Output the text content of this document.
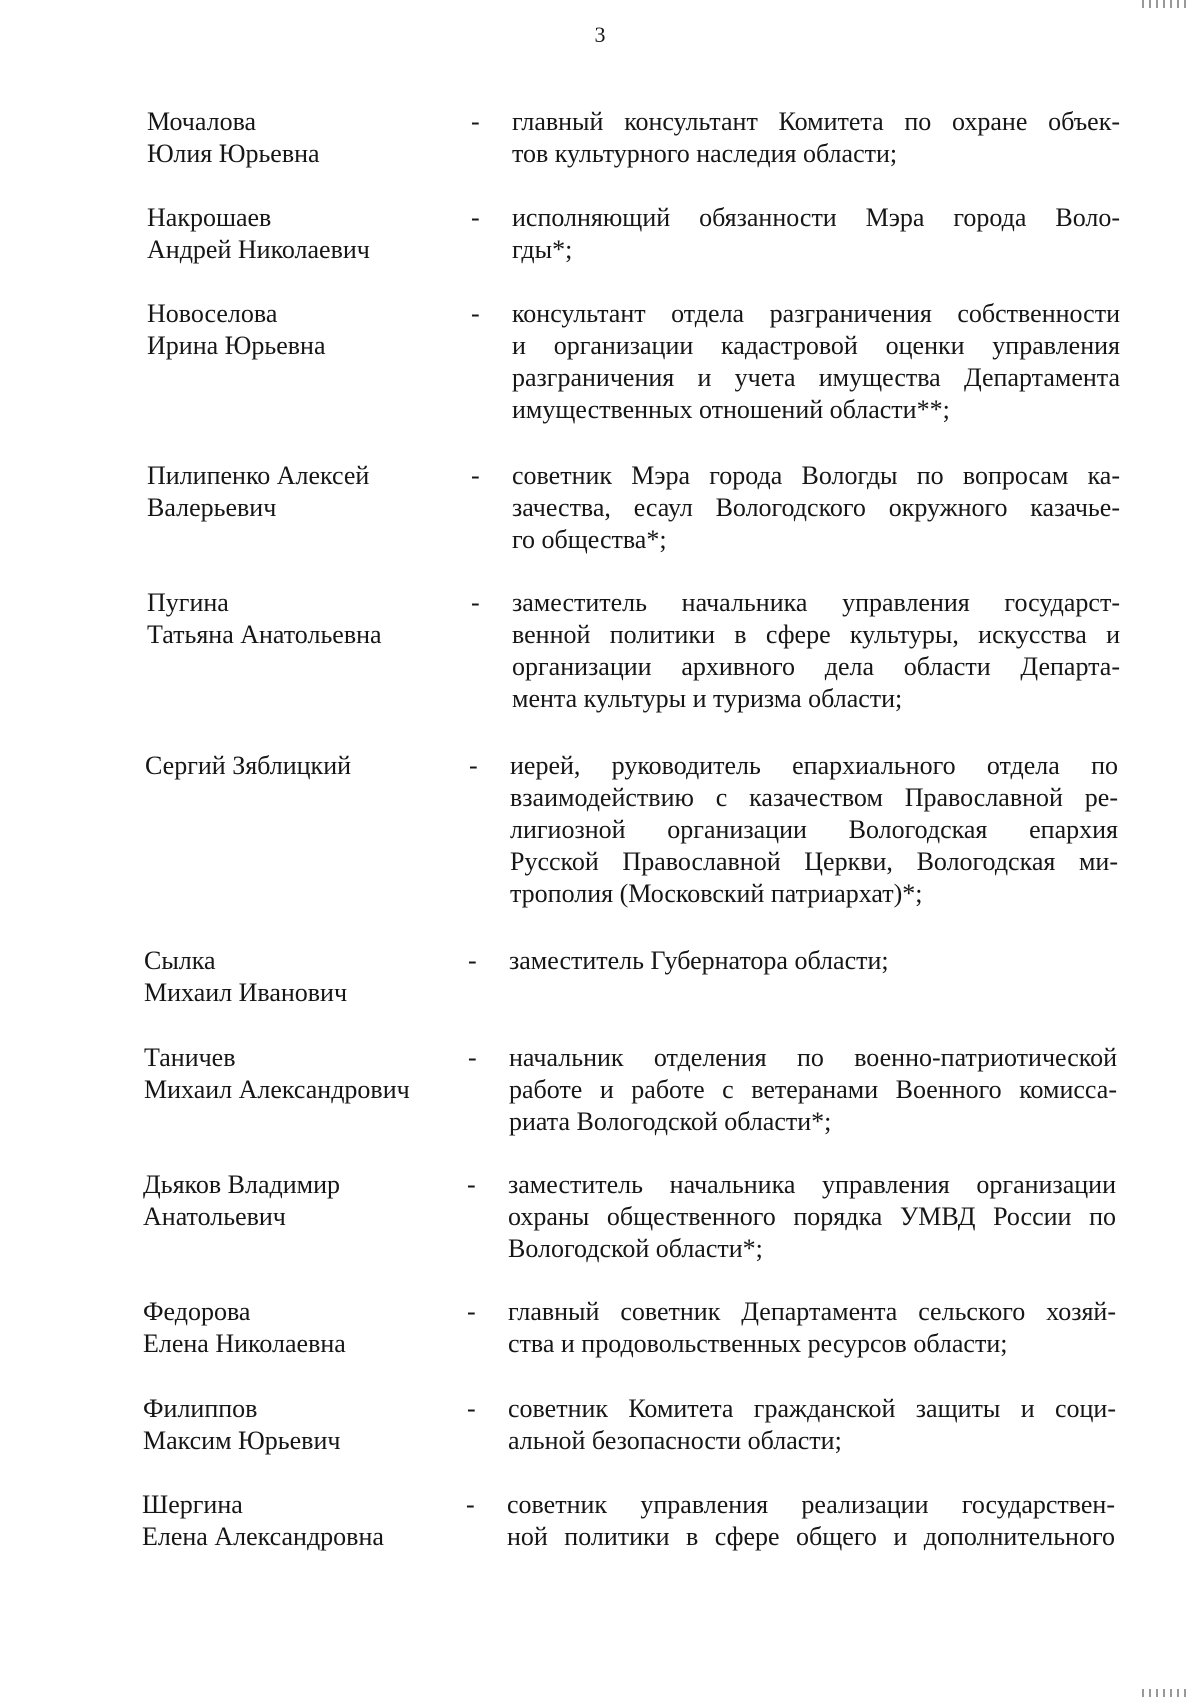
3
Мочалова
Юлия Юрьевна
- главный консультант Комитета по охране объек-
тов культурного наследия области;
Накрошаев
Андрей Николаевич
- исполняющий обязанности Мэра города Воло-
гды*;
Новоселова
Ирина Юрьевна
- консультант отдела разграничения собственности
и организации кадастровой оценки управления
разграничения и учета имущества Департамента
имущественных отношений области**;
Пилипенко Алексей
Валерьевич
- советник Мэра города Вологды по вопросам ка-
зачества, есаул Вологодского окружного казачье-
го общества*;
Пугина
Татьяна Анатольевна
- заместитель начальника управления государст-
венной политики в сфере культуры, искусства и
организации архивного дела области Департа-
мента культуры и туризма области;
Сергий Зяблицкий	- иерей, руководитель епархиального отдела по
взаимодействию с казачеством Православной ре-
лигиозной организации Вологодская епархия
Русской Православной Церкви, Вологодская ми-
трополия (Московский патриархат)*;
Сылка
Михаил Иванович
- заместитель Губернатора области;
Таничев
Михаил Александрович
- начальник отделения по военно-патриотической
работе и работе с ветеранами Военного комисса-
риата Вологодской области*;
Дьяков Владимир
Анатольевич
- заместитель начальника управления организации
охраны общественного порядка УМВД России по
Вологодской области*;
Федорова
Елена Николаевна
- главный советник Департамента сельского хозяй-
ства и продовольственных ресурсов области;
Филиппов
Максим Юрьевич
- советник Комитета гражданской защиты и соци-
альной безопасности области;
Шергина
Елена Александровна
- советник управления реализации государствен-
ной политики в сфере общего и дополнительного
